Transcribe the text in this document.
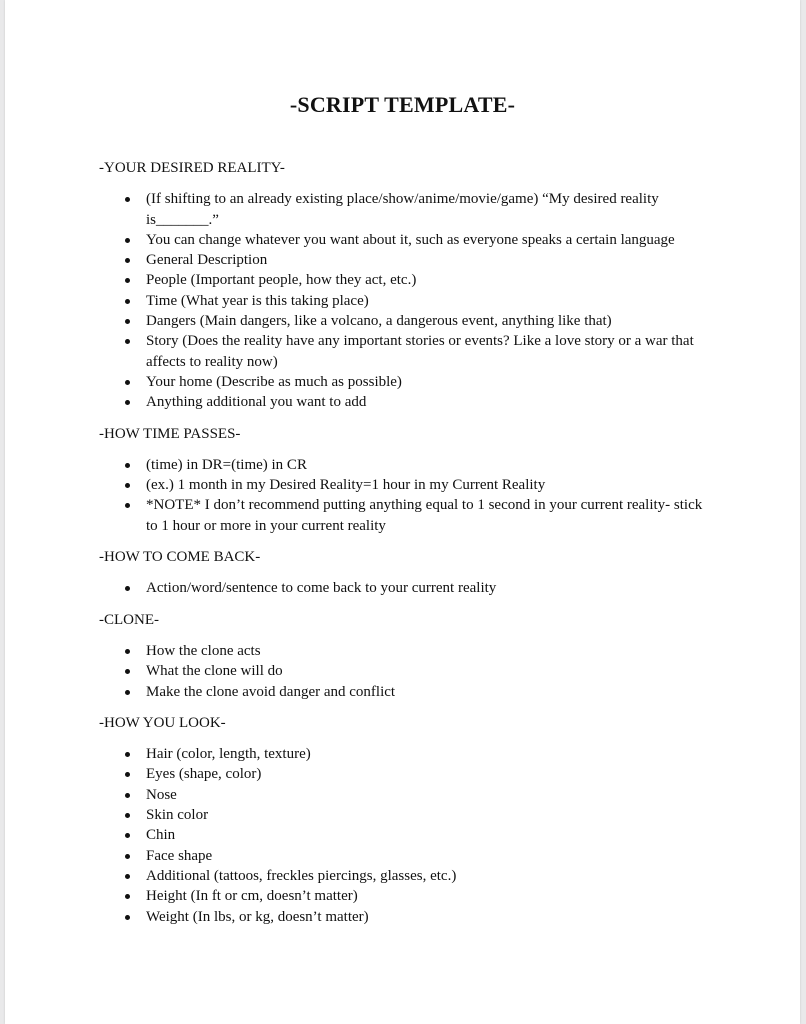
-SCRIPT TEMPLATE-

-YOUR DESIRED REALITY-

(If shifting to an already existing place/show/anime/movie/game) “My desired reality is_______.”
You can change whatever you want about it, such as everyone speaks a certain language
General Description
People (Important people, how they act, etc.)
Time (What year is this taking place)
Dangers (Main dangers, like a volcano, a dangerous event, anything like that)
Story (Does the reality have any important stories or events? Like a love story or a war that affects to reality now)
Your home (Describe as much as possible)
Anything additional you want to add

-HOW TIME PASSES-

(time) in DR=(time) in CR
(ex.) 1 month in my Desired Reality=1 hour in my Current Reality
*NOTE* I don’t recommend putting anything equal to 1 second in your current reality- stick to 1 hour or more in your current reality

-HOW TO COME BACK-

Action/word/sentence to come back to your current reality

-CLONE-

How the clone acts
What the clone will do
Make the clone avoid danger and conflict

-HOW YOU LOOK-

Hair (color, length, texture)
Eyes (shape, color)
Nose
Skin color
Chin
Face shape
Additional (tattoos, freckles piercings, glasses, etc.)
Height (In ft or cm, doesn’t matter)
Weight (In lbs, or kg, doesn’t matter)
